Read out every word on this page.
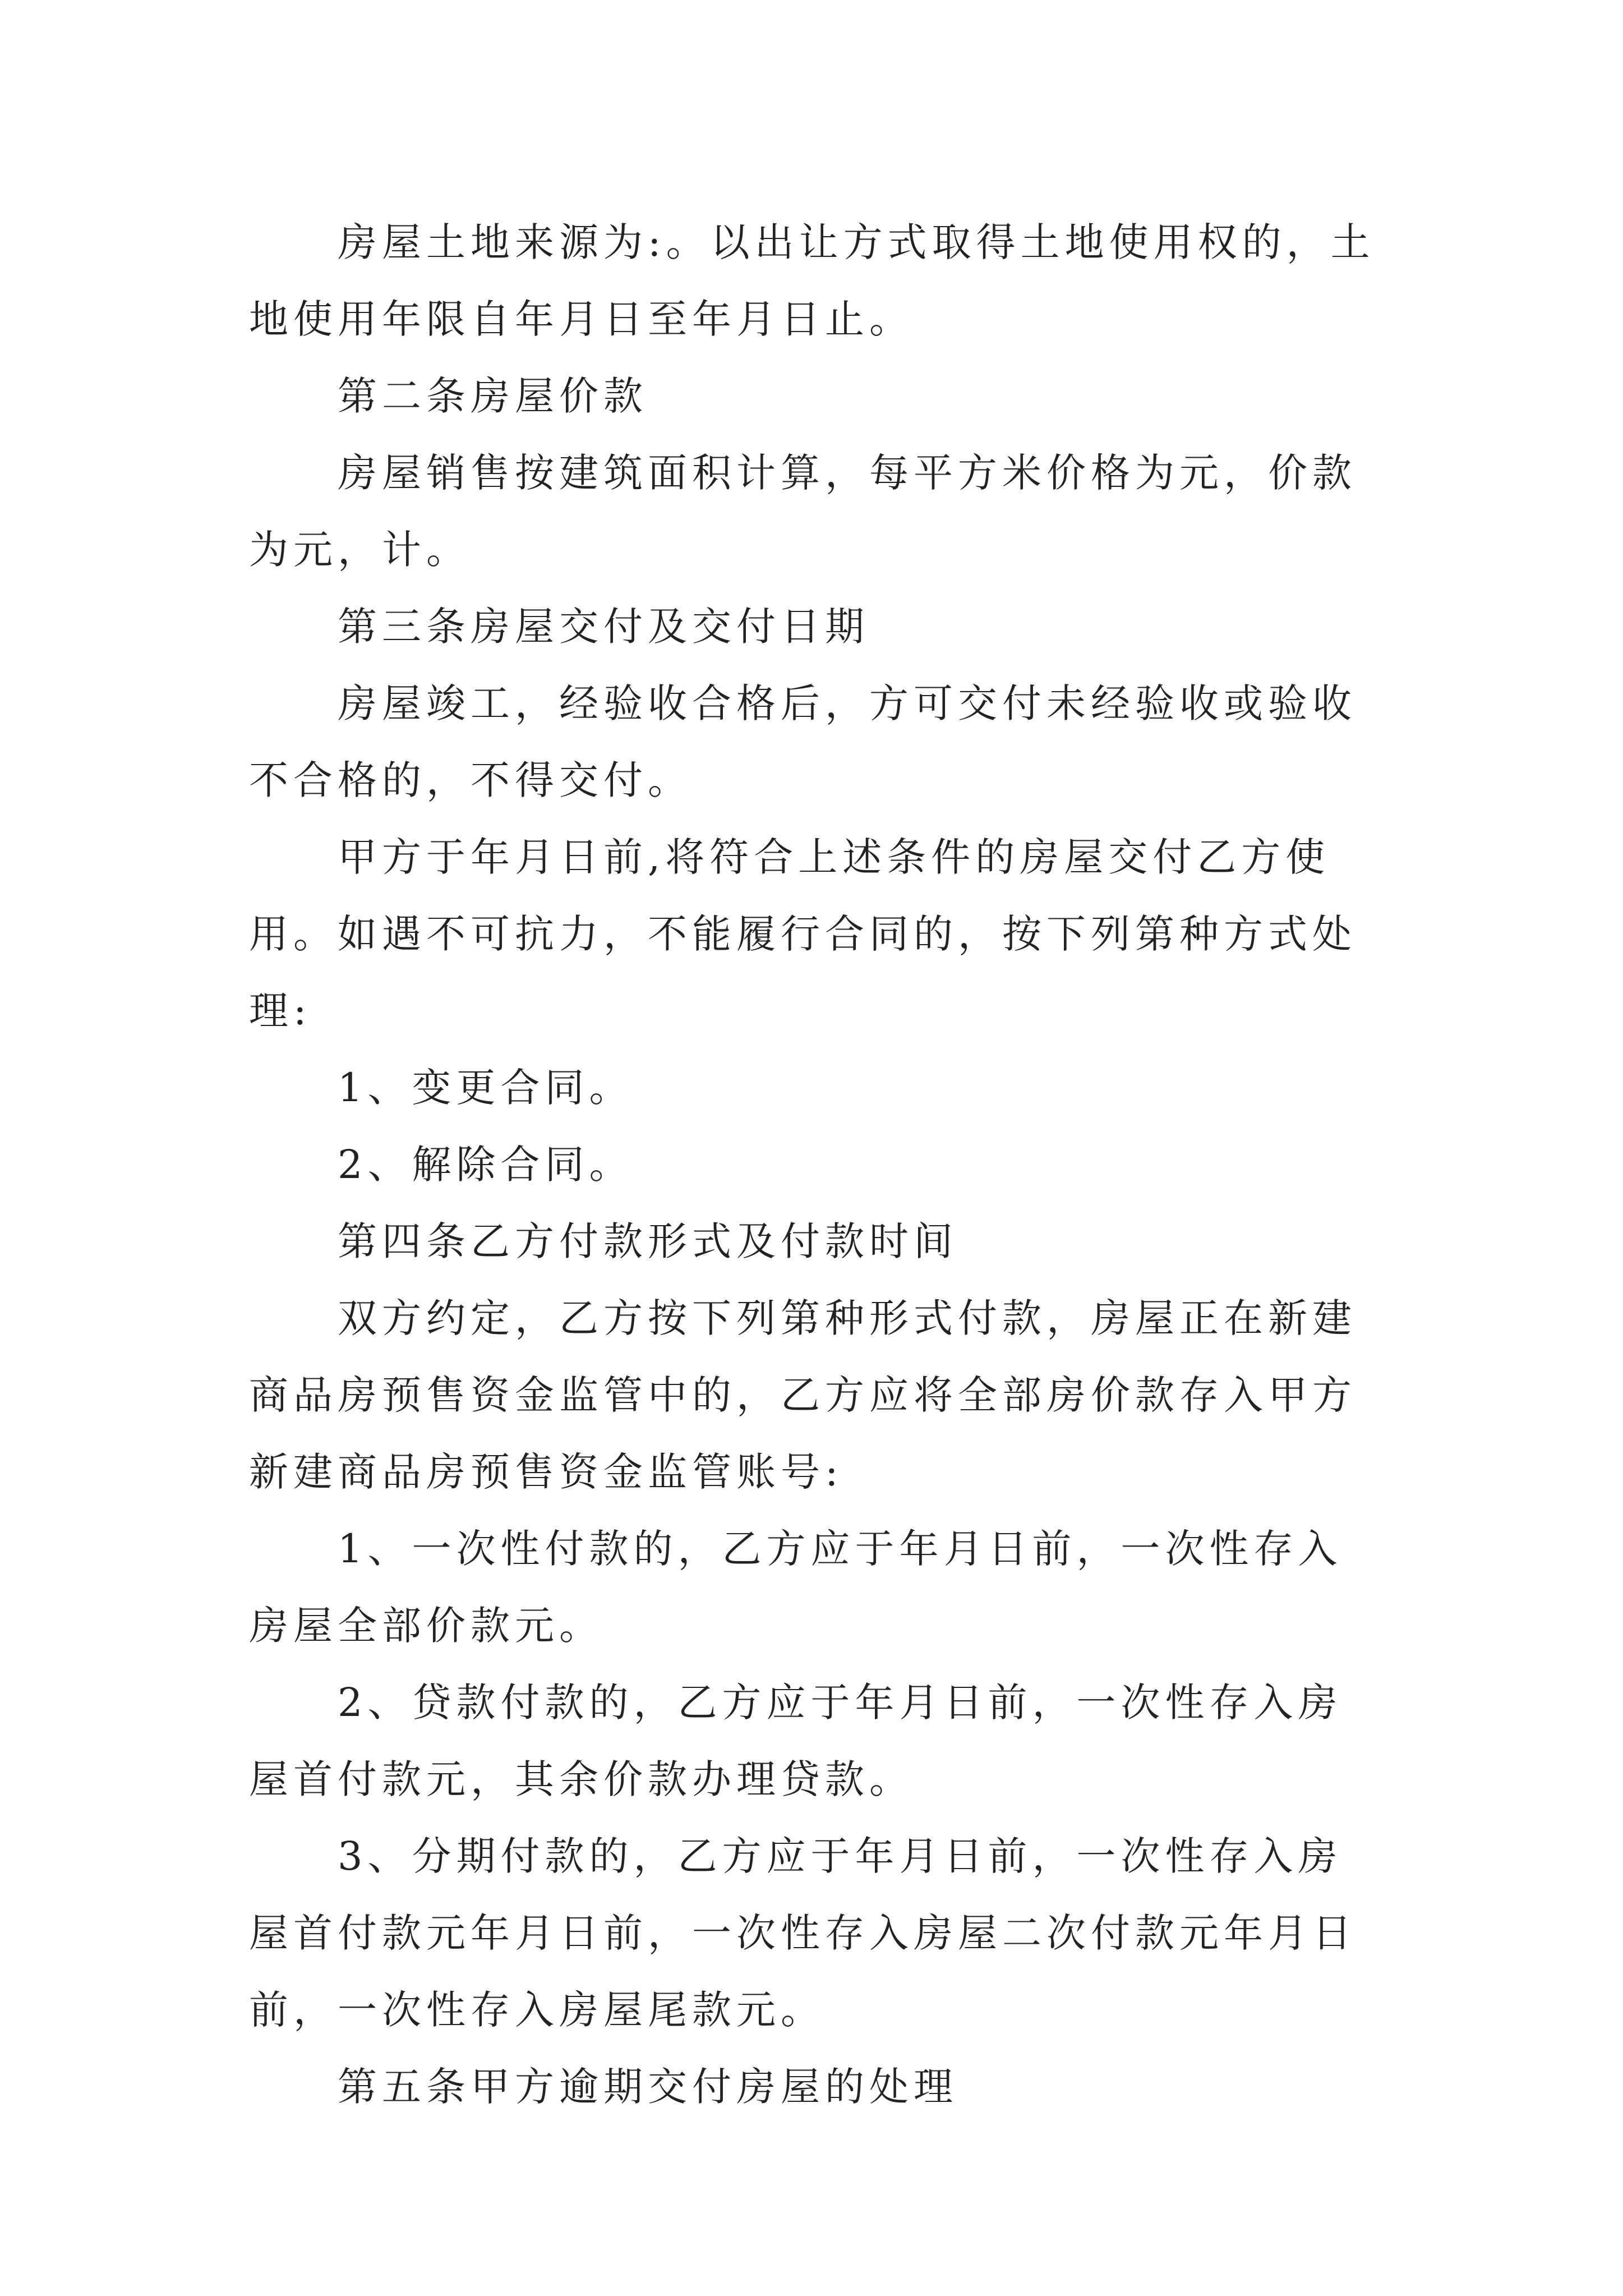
房屋土地来源为:。以出让方式取得土地使用权的，土地使用年限自年月日至年月日止。

第二条房屋价款

房屋销售按建筑面积计算，每平方米价格为元，价款为元，计。

第三条房屋交付及交付日期

房屋竣工，经验收合格后，方可交付未经验收或验收不合格的，不得交付。

甲方于年月日前,将符合上述条件的房屋交付乙方使用。如遇不可抗力，不能履行合同的，按下列第种方式处理:

1、变更合同。

2、解除合同。

第四条乙方付款形式及付款时间

双方约定，乙方按下列第种形式付款，房屋正在新建商品房预售资金监管中的，乙方应将全部房价款存入甲方新建商品房预售资金监管账号:

1、一次性付款的，乙方应于年月日前，一次性存入房屋全部价款元。

2、贷款付款的，乙方应于年月日前，一次性存入房屋首付款元，其余价款办理贷款。

3、分期付款的，乙方应于年月日前，一次性存入房屋首付款元年月日前，一次性存入房屋二次付款元年月日前，一次性存入房屋尾款元。

第五条甲方逾期交付房屋的处理
